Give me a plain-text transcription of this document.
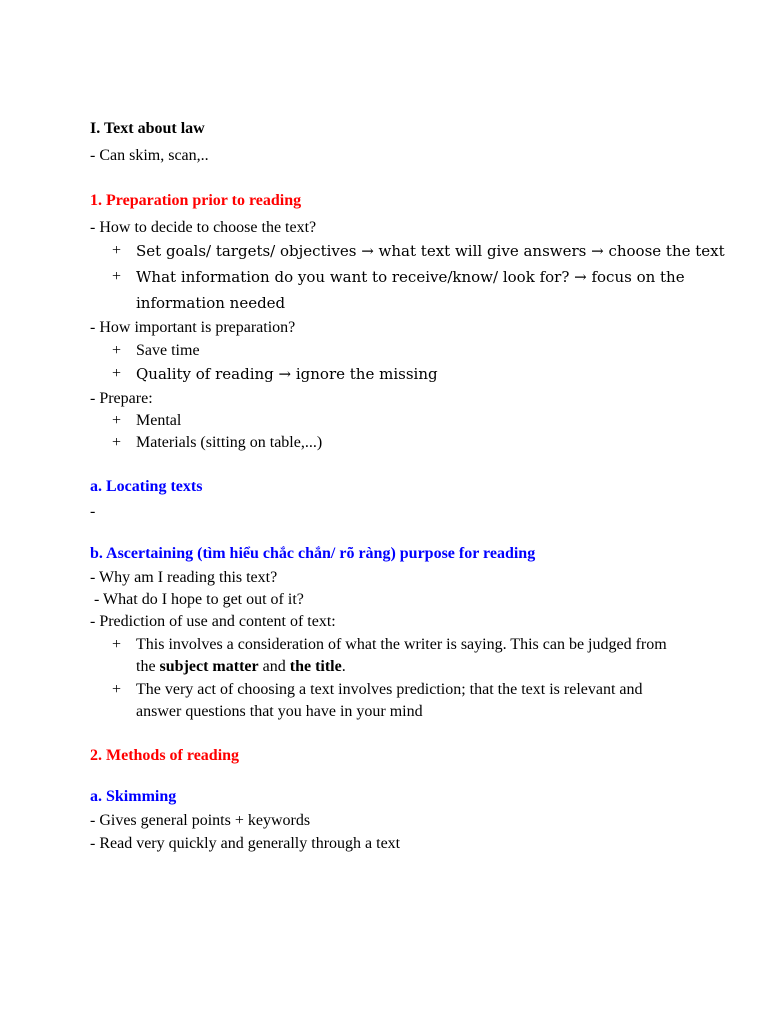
I. Text about law
- Can skim, scan,..
1. Preparation prior to reading
- How to decide to choose the text?
+ Set goals/ targets/ objectives → what text will give answers → choose the text
+ What information do you want to receive/know/ look for? → focus on the
information needed
- How important is preparation?
+ Save time
+ Quality of reading → ignore the missing
- Prepare:
+ Mental
+ Materials (sitting on table,...)
a. Locating texts
-
b. Ascertaining (tìm hiểu chắc chắn/ rõ ràng) purpose for reading
- Why am I reading this text?
- What do I hope to get out of it?
- Prediction of use and content of text:
+ This involves a consideration of what the writer is saying. This can be judged from
the subject matter and the title.
+ The very act of choosing a text involves prediction; that the text is relevant and
answer questions that you have in your mind
2. Methods of reading
a. Skimming
- Gives general points + keywords
- Read very quickly and generally through a text
